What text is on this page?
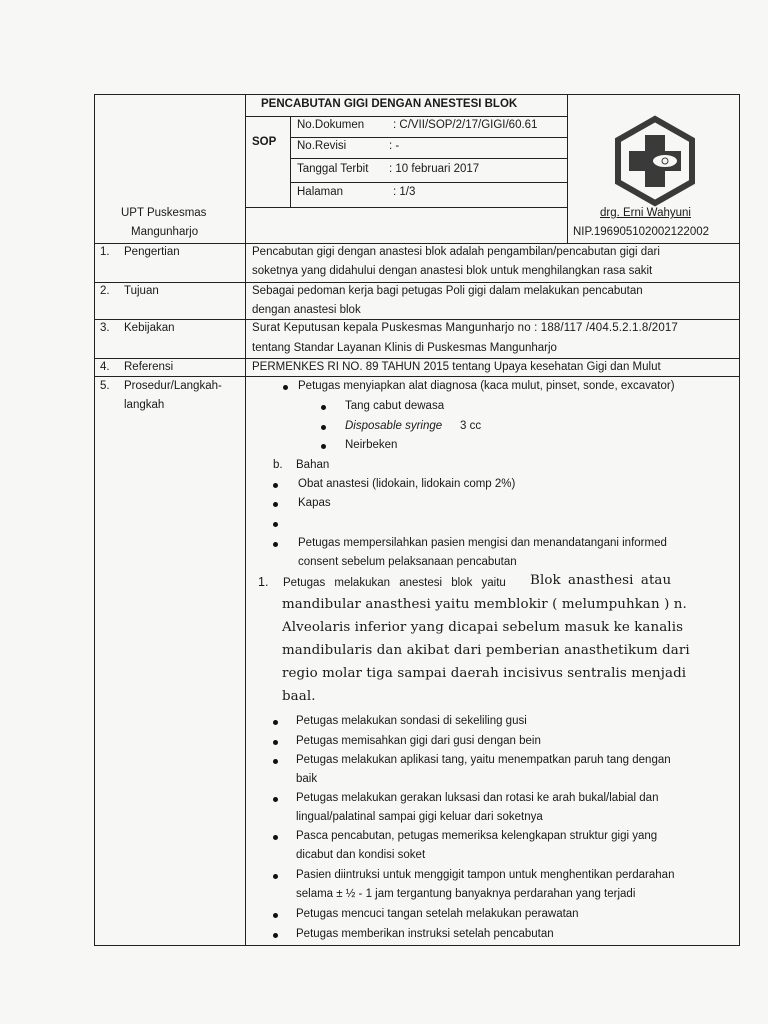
PENCABUTAN GIGI DENGAN ANESTESI BLOK
SOP
No.Dokumen	: C/VII/SOP/2/17/GIGI/60.61
No.Revisi	: -
Tanggal Terbit : 10 februari 2017
Halaman	: 1/3
UPT Puskesmas
Mangunharjo
drg. Erni Wahyuni
NIP.196905102002122002
1. Pengertian	Pencabutan gigi dengan anastesi blok adalah pengambilan/pencabutan gigi dari
soketnya yang didahului dengan anastesi blok untuk menghilangkan rasa sakit
2. Tujuan	Sebagai pedoman kerja bagi petugas Poli gigi dalam melakukan pencabutan
dengan anastesi blok
3. Kebijakan	Surat Keputusan kepala Puskesmas Mangunharjo no : 188/117 /404.5.2.1.8/2017
tentang Standar Layanan Klinis di Puskesmas Mangunharjo
4. Referensi	PERMENKES RI NO. 89 TAHUN 2015 tentang Upaya kesehatan Gigi dan Mulut
5. Prosedur/Langkah-
langkah
Petugas menyiapkan alat diagnosa (kaca mulut, pinset, sonde, excavator)
Tang cabut dewasa
Disposable syringe 3 cc
Neirbeken
b. Bahan
Obat anastesi (lidokain, lidokain comp 2%)
Kapas
Petugas mempersilahkan pasien mengisi dan menandatangani informed
consent sebelum pelaksanaan pencabutan
1. Petugas melakukan anestesi blok yaitu Blok anasthesi atau
mandibular anasthesi yaitu memblokir ( melumpuhkan ) n.
Alveolaris inferior yang dicapai sebelum masuk ke kanalis
mandibularis dan akibat dari pemberian anasthetikum dari
regio molar tiga sampai daerah incisivus sentralis menjadi
baal.
Petugas melakukan sondasi di sekeliling gusi
Petugas memisahkan gigi dari gusi dengan bein
Petugas melakukan aplikasi tang, yaitu menempatkan paruh tang dengan
baik
Petugas melakukan gerakan luksasi dan rotasi ke arah bukal/labial dan
lingual/palatinal sampai gigi keluar dari soketnya
Pasca pencabutan, petugas memeriksa kelengkapan struktur gigi yang
dicabut dan kondisi soket
Pasien diintruksi untuk menggigit tampon untuk menghentikan perdarahan
selama ± ½ - 1 jam tergantung banyaknya perdarahan yang terjadi
Petugas mencuci tangan setelah melakukan perawatan
Petugas memberikan instruksi setelah pencabutan
